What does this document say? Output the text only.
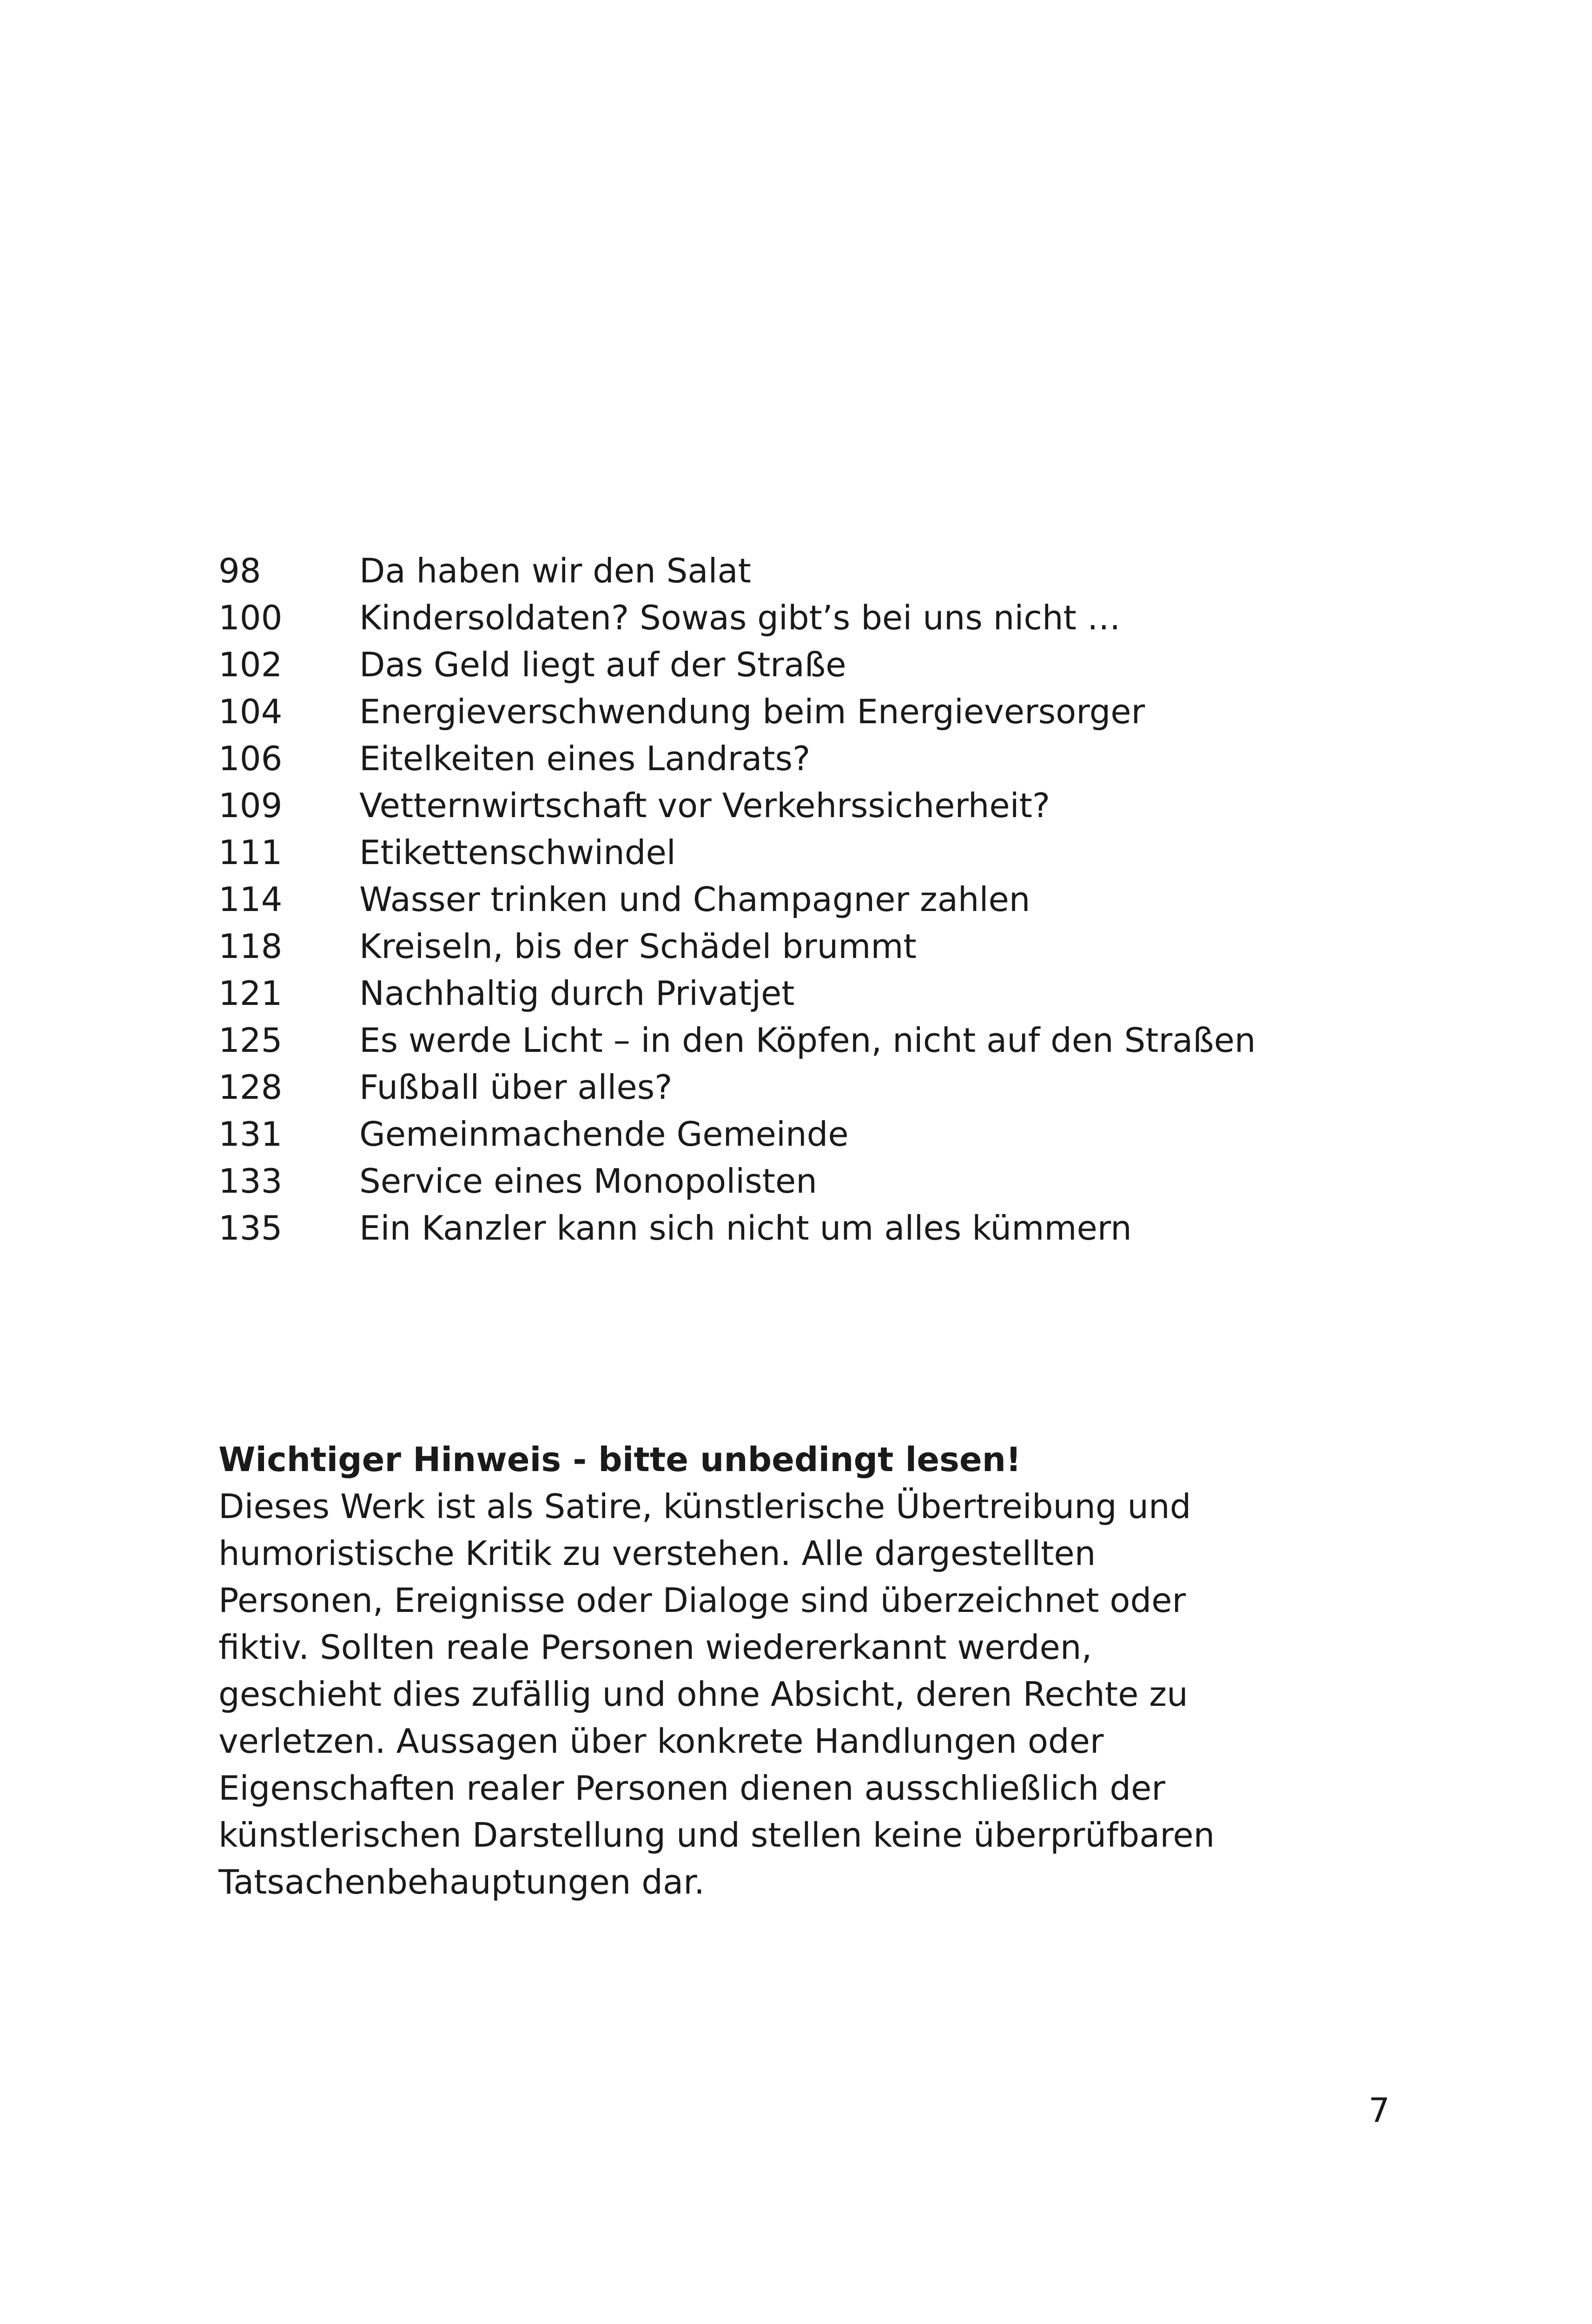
98	Da haben wir den Salat
100	Kindersoldaten? Sowas gibt’s bei uns nicht …
102	Das Geld liegt auf der Straße
104	Energieverschwendung beim Energieversorger
106	Eitelkeiten eines Landrats?
109	Vetternwirtschaft vor Verkehrssicherheit?
111	Etikettenschwindel
114	Wasser trinken und Champagner zahlen
118	Kreiseln, bis der Schädel brummt
121	Nachhaltig durch Privatjet
125	Es werde Licht – in den Köpfen, nicht auf den Straßen
128	Fußball über alles?
131	Gemeinmachende Gemeinde
133	Service eines Monopolisten
135	Ein Kanzler kann sich nicht um alles kümmern
Wichtiger Hinweis - bitte unbedingt lesen!
Dieses Werk ist als Satire, künstlerische Übertreibung und
humoristische Kritik zu verstehen. Alle dargestellten
Personen, Ereignisse oder Dialoge sind überzeichnet oder
fiktiv. Sollten reale Personen wiedererkannt werden,
geschieht dies zufällig und ohne Absicht, deren Rechte zu
verletzen. Aussagen über konkrete Handlungen oder
Eigenschaften realer Personen dienen ausschließlich der
künstlerischen Darstellung und stellen keine überprüfbaren
Tatsachenbehauptungen dar.
7
